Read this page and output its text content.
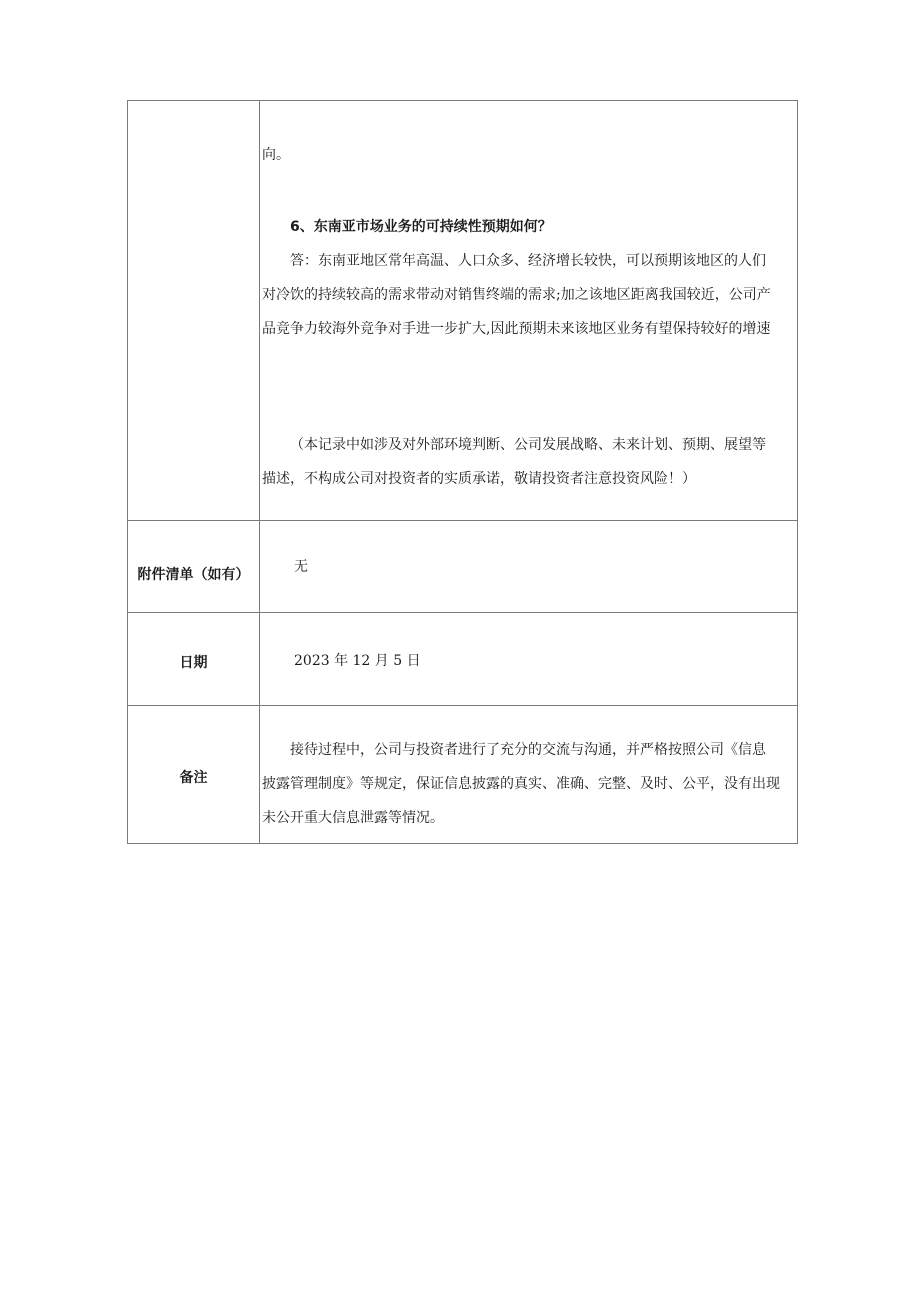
向。

6、东南亚市场业务的可持续性预期如何？

答：东南亚地区常年高温、人口众多、经济增长较快，可以预期该地区的人们

对冷饮的持续较高的需求带动对销售终端的需求;加之该地区距离我国较近，公司产

品竞争力较海外竞争对手进一步扩大,因此预期未来该地区业务有望保持较好的增速

（本记录中如涉及对外部环境判断、公司发展战略、未来计划、预期、展望等

描述，不构成公司对投资者的实质承诺，敬请投资者注意投资风险！）

附件清单（如有）	无
日期	2023 年 12 月 5 日
备注

接待过程中，公司与投资者进行了充分的交流与沟通，并严格按照公司《信息

披露管理制度》等规定，保证信息披露的真实、准确、完整、及时、公平，没有出现

未公开重大信息泄露等情况。
